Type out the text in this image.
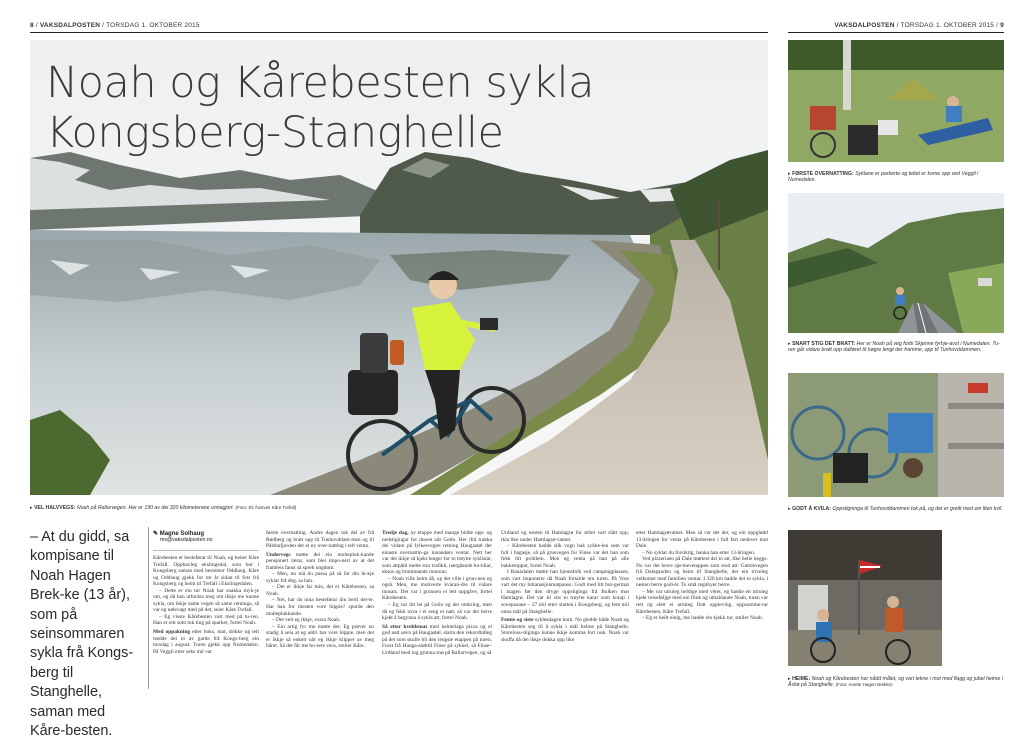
8 / VAKSDALPOSTEN / TORSDAG 1. OKTOBER 2015	VAKSDALPOSTEN / TORSDAG 1. OKTOBER 2015 / 9
Noah og Kårebesten sykla
Kongsberg-Stanghelle
▸ VEL HALVVEGS: Noah på Rallarvegen. Her er 190 av dei 320 kilometerane unnagjort. (Foto: Eli Åsstveit Kåre Trefall)
▸ FØRSTE OVERNATTING: Syklane er parkerte og teltet er kome opp ved Veggli i Numedalen.
▸ SNART STIG DET BRATT: Her er Noah på veg forbi Skjenne fyrhje-avst i Numedalen. Tu-ren går vidare bratt opp dalføret til høgre lengt der framme, opp til Tunhovddammen.
▸ GODT Å KVILA: Oppstigninga til Tunhovddammen tok på, og det er greitt med ein liten kvil.
▸ HEIME: Noah og Kårebesten har nådd målet, og vart tekne i mot med flagg og jubel heime i Åsliø på Stanghelle. (Foto: Anette Hagen Brekke)
– At du gidd, sa kompisane til Noah Hagen Brek-ke (13 år), som på seinsommaren sykla frå Kongs-berg til Stanghelle, saman med Kåre-besten.
✎ Magne Solhaug
ms@vaksdalposten.no

Kårebesten er besteførar til Noah, og heiter Kåre Trefall. Opphavleg ekslingedal, som bur i Kongsberg saman med bestemor Oddlaug. Kåre og Oddlaug gjekk for tre år sidan til fots frå Kongsberg og heim til Trefall i Ekslingedalen.

– Dette er ein tur Noah har snakka myk-je om, og då han utfordra meg om ikkje me kunne sykla, om ikkje same vegen så same retninga, så var eg nølevagt med på det, seier Kåre Trefall.

– Eg visste Kårebesten vart med på tu-ren. Han er eitt som tok ting på sparket, fortel Noah.

Med oppakning etter boks, mat, drikke og telt trødde dei to av garde frå Kongs-berg ein torsdag i august. Turen gjekk opp Numedalen. På Veggli etter seks mil var

første overnatting. Andre dagen tok dei av frå Rødberg og bratt opp til Tunhovddam-men og til Pålsbufjorden der ei ny over-natting i telt venta.

Undervegs møtte dei ein moltepluk-kande pensjonert lærar, som blei impo-nert av at det framleis fanst så sprek ungdom.

– Men, no må du passa på så far din ik-kje syklar frå deg, sa han.

– Det er ikkje far min, det er Kårebesten, sa Noah.

– Nei, har du nota besteførar din berti det-te. Har han for mesten vore hippie? spurde den molteplukkande.

– Det veit eg ikkje, svara Noah.

– Ein artig fyr me møtte der. Eg prøver no stadig å seia at eg aldri har vore hippie, men det er ikkje så enkelt når eg ikkje klipper av meg håret. Så det får me bo-rere vera, smiler Kåre.

Tredje dag, ny etappe med mange bidde opp- og nedstigingar for duoen når Geilo. Her ifrå trakka dei vidare på fylkesvegen retning Haugastøl der einaste overnattin-ga innandørs ventar. Nett her var det ikkje så kjekt lenger for to trøytte syklistar, som attpåtil mette stor trafikk, nærgåande bu-bilar, eksos og brummande motorar.

– Noah ville heim då, og det ville i grun-nen eg også. Men, me motiverte kvaran-dre til vidare innsats. Det var i grunnen ei lett oppgåve, fortel Kårebesten.

– Eg var litt lei på Geilo og der omkring, men då eg fekk sova i ei seng ei natt, så var det berre kjekt å begynna å sykla att, fortel Noah.

Så etter kveldsmat med heimelaga pizza og ei god natt søvn på Haugastøl, starta den rekordtidleg på det som skulle bli den lengste etappen på turen. Forst frå Hauga-stølttil Finse på sykkel, så Finse–Urdland med tog grunna snø på Rallarvegen, og så

Urdland og nesten til Hamlagrø for teltet vart slått opp, ikla like under Hamlagrø-vatnet.

– Kårebesten hadde slik vogn bak sykke-len som var full i bagasje, så på grusvegen for Finse var det han som fekk litt problem. Men eg venta på han på alle bakketoppar, fortel Noah.

I Raundalen møtte han hjemsfolk ved campingplassen, som vart imponerte då Noah fortalde om turen. På Voss vart det my biltanasjonmatpause. Godt med litt bur-germat i magen før den dryge oppstiginga frå Bulken mot Hamlagrø. Det var til sist to trøytte karar som kraup i soveposane – 27 mil etter starten i Kongsberg, og fem mil unna mål på Stanghelle.

Femte og siste syklesdagen kom. No gledde både Noah og Kårebesten seg til å sykla i mål heime på Stanghelle. Storeloss-stiginga kunne ikkje komma fort nok. Noah var skuffa då dei ikkje dukka opp like

etter Hamlagrøvatnet. Men så var det der, og ein oppglødd 13-åringen for venta på Kårebesten i full fart nedover mot Dale.

– No syklar du forsiktig, hauka han etter 13-åringen.

Ved pizzeriaen på Dale møttest dei to att, like helle begge. No var det berre sjø-mevetappen som stod att: Gamlevegen frå Daleganden og heim til Stanghelle, der ein triveleg velkomst med familien ventar. I 320 km hadde dei to sykla, i nesten berre godvêr. To små regnbyer berre.

– Me var utruleg heldige med vêret, eg hadde eit utruleg kjekt reiseføljge med ein flink og uthaldande Noah, turen var rett og slett ei utruleg flott oppleving, oppsumme-rar Kårebesten, Kåre Trefall.

– Eg er heilt einig, me hadde ein kjekk tur, smiler Noah.
